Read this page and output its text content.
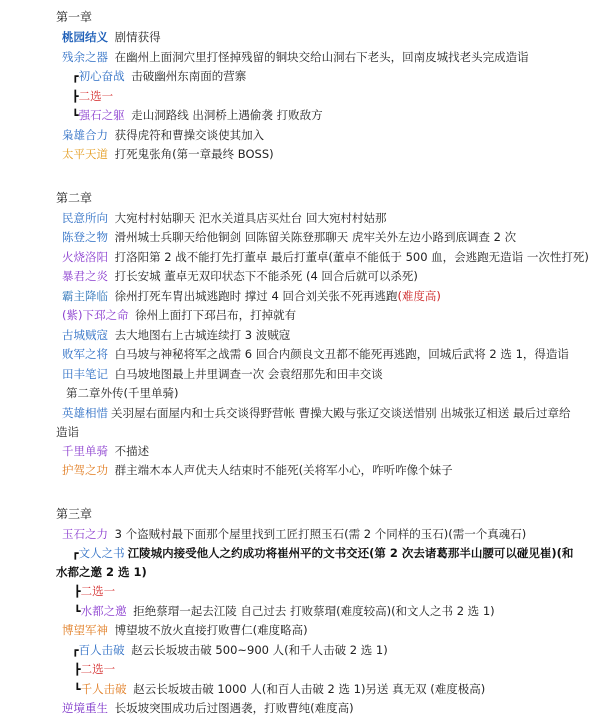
第一章
桃园结义 剧情获得
残余之器 在幽州上面洞穴里打怪掉残留的铜块交给山洞右下老头，回南皮城找老头完成造诣
┏初心奋战 击破幽州东南面的营寨
┣二选一
┗强石之躯 走山洞路线 出洞桥上遇偷袭 打败敌方
枭雄合力 获得虎符和曹操交谈使其加入
太平天道 打死鬼张角(第一章最终 BOSS)
第二章
民意所向 大宛村村姑聊天 汜水关道具店买灶台 回大宛村村姑那
陈登之物 滑州城士兵聊天给他铜剑 回陈留关陈登那聊天 虎牢关外左边小路到底调查 2 次
火烧洛阳 打洛阳第 2 战不能打先打董卓 最后打董卓(董卓不能低于 500 血，会逃跑无造诣 一次性打死)
暴君之炎 打长安城 董卓无双印状态下不能杀死 (4 回合后就可以杀死)
霸主降临 徐州打死车胄出城逃跑时 撑过 4 回合刘关张不死再逃跑(难度高)
(紫)下邳之命 徐州上面打下邳吕布，打掉就有
古城贼寇 去大地图右上古城连续打 3 波贼寇
败军之将 白马坡与神秘将军之战需 6 回合内颜良文丑都不能死再逃跑，回城后武将 2 选 1，得造诣
田丰笔记 白马坡地图最上井里调查一次 会袁绍那先和田丰交谈
第二章外传(千里单骑)
英雄相惜 关羽屋右面屋内和士兵交谈得野营帐 曹操大殿与张辽交谈送惜别 出城张辽相送 最后过章给造诣
千里单骑 不描述
护驾之功 群主端木本人声优夫人结束时不能死(关将军小心，咋听咋像个妹子
第三章
玉石之力 3 个盗贼村最下面那个屋里找到工匠打照玉石(需 2 个同样的玉石)(需一个真魂石)
┏文人之书 江陵城内接受他人之约成功将崔州平的文书交还(第 2 次去诸葛那半山腰可以碰见崔)(和水都之邀 2 选 1)
┣二选一
┗水都之邀 拒绝蔡瑁一起去江陵 自己过去 打败蔡瑁(难度较高)(和文人之书 2 选 1)
博望军神 博望坡不放火直接打败曹仁(难度略高)
┏百人击破 赵云长坂坡击破 500~900 人(和千人击破 2 选 1)
┣二选一
┗千人击破 赵云长坂坡击破 1000 人(和百人击破 2 选 1)另送 真无双 (难度极高)
逆境重生 长坂坡突围成功后过图遇袭，打败曹纯(难度高)
